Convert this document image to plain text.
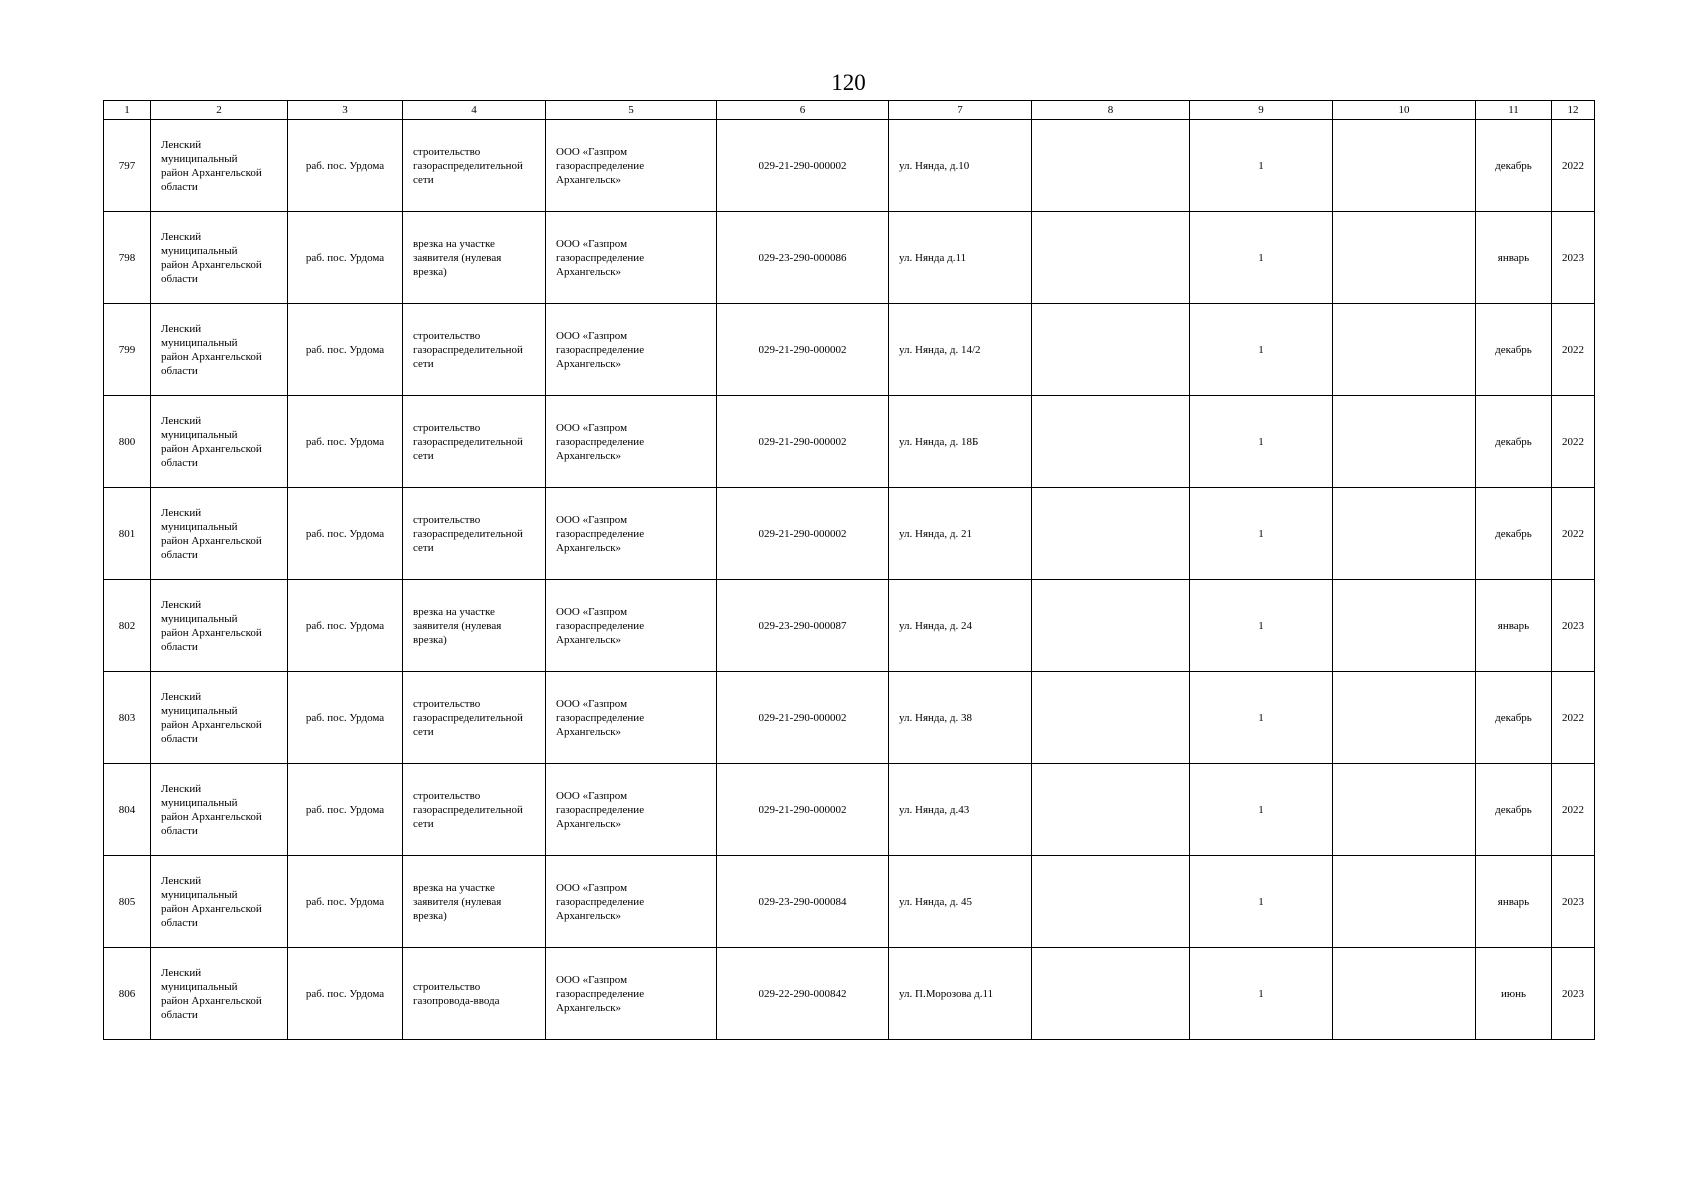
120
1	2	3	4	5	6	7	8	9	10	11	12
797	Ленский
муниципальный
район Архангельской
области	раб. пос. Урдома	строительство
газораспределительной
сети	ООО «Газпром
газораспределение
Архангельск»	029-21-290-000002	ул. Нянда, д.10		1		декабрь	2022
798	Ленский
муниципальный
район Архангельской
области	раб. пос. Урдома	врезка на участке
заявителя (нулевая
врезка)	ООО «Газпром
газораспределение
Архангельск»	029-23-290-000086	ул. Нянда д.11		1		январь	2023
799	Ленский
муниципальный
район Архангельской
области	раб. пос. Урдома	строительство
газораспределительной
сети	ООО «Газпром
газораспределение
Архангельск»	029-21-290-000002	ул. Нянда, д. 14/2		1		декабрь	2022
800	Ленский
муниципальный
район Архангельской
области	раб. пос. Урдома	строительство
газораспределительной
сети	ООО «Газпром
газораспределение
Архангельск»	029-21-290-000002	ул. Нянда, д. 18Б		1		декабрь	2022
801	Ленский
муниципальный
район Архангельской
области	раб. пос. Урдома	строительство
газораспределительной
сети	ООО «Газпром
газораспределение
Архангельск»	029-21-290-000002	ул. Нянда, д. 21		1		декабрь	2022
802	Ленский
муниципальный
район Архангельской
области	раб. пос. Урдома	врезка на участке
заявителя (нулевая
врезка)	ООО «Газпром
газораспределение
Архангельск»	029-23-290-000087	ул. Нянда, д. 24		1		январь	2023
803	Ленский
муниципальный
район Архангельской
области	раб. пос. Урдома	строительство
газораспределительной
сети	ООО «Газпром
газораспределение
Архангельск»	029-21-290-000002	ул. Нянда, д. 38		1		декабрь	2022
804	Ленский
муниципальный
район Архангельской
области	раб. пос. Урдома	строительство
газораспределительной
сети	ООО «Газпром
газораспределение
Архангельск»	029-21-290-000002	ул. Нянда, д.43		1		декабрь	2022
805	Ленский
муниципальный
район Архангельской
области	раб. пос. Урдома	врезка на участке
заявителя (нулевая
врезка)	ООО «Газпром
газораспределение
Архангельск»	029-23-290-000084	ул. Нянда, д. 45		1		январь	2023
806	Ленский
муниципальный
район Архангельской
области	раб. пос. Урдома	строительство
газопровода-ввода	ООО «Газпром
газораспределение
Архангельск»	029-22-290-000842	ул. П.Морозова д.11		1		июнь	2023
